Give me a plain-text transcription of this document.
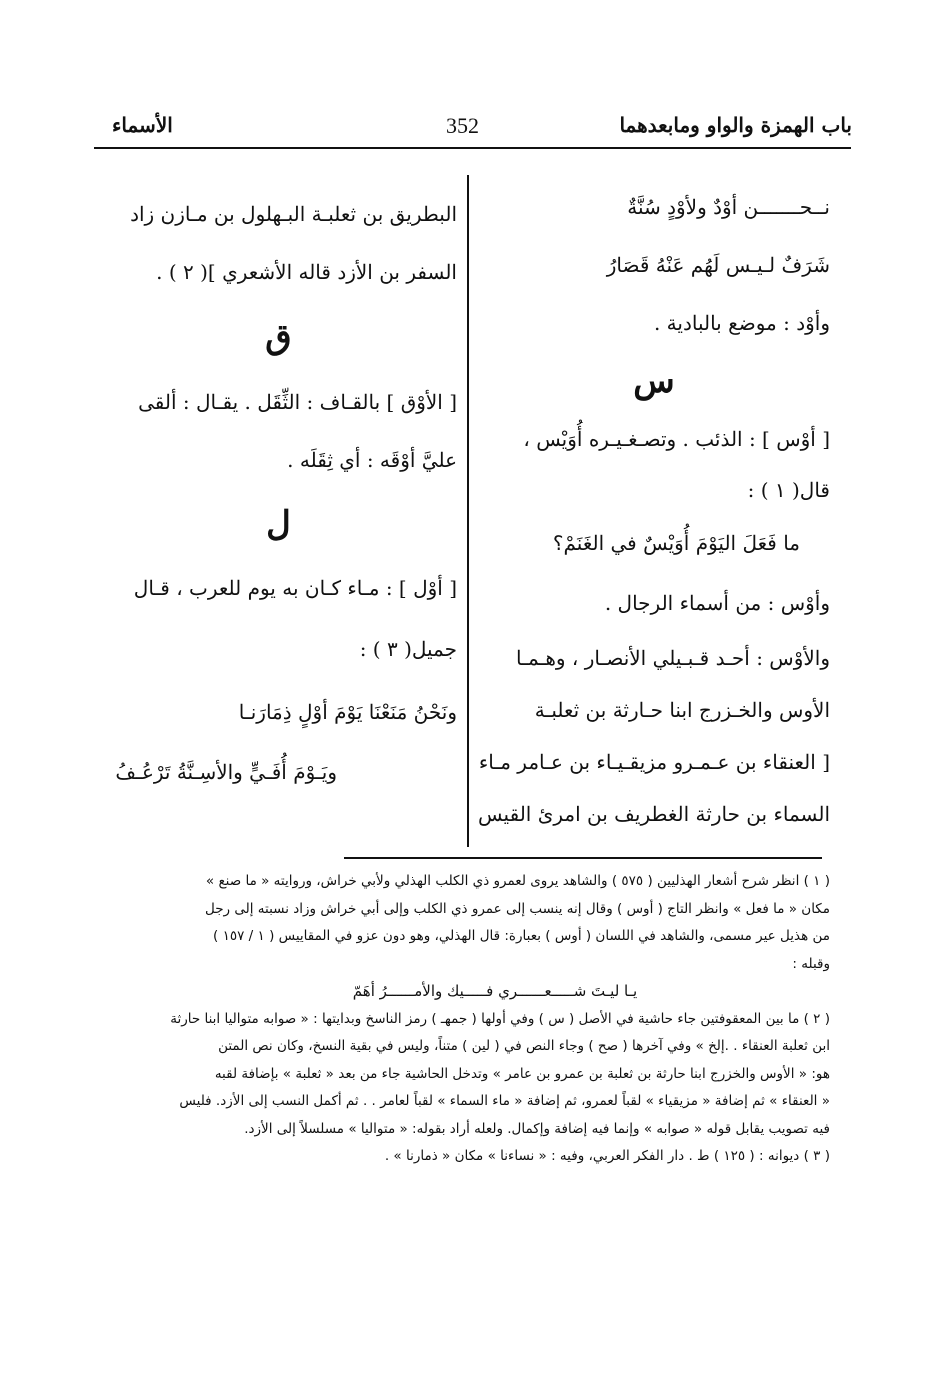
باب الهمزة والواو ومابعدهما
352
الأسماء

نــحـــــــن أوْدٌ ولأوْدٍ سُنَّةٌ

شَرَفٌ لـيـس لَهُم عَنْهُ قَصَارُ

وأوْد : موضع بالبادية .

س

[ أوْس ] : الذئب . وتصـغـيـره أُوَيْس ،

قال( ١ ) :

ما فَعَلَ اليَوْمَ أُوَيْسٌ في الغَنَمْ؟

وأوْس : من أسماء الرجال .

والأوْس : أحـد قـبـيلي الأنصـار ، وهـمـا

الأوس والخـزرج ابنا حـارثة بن ثعلبـة

[ العنقاء بن عـمـرو مزيقـيـاء بن عـامر مـاء

السماء بن حارثة الغطريف بن امرئ القيس

البطريق بن ثعلبـة البـهلول بن مـازن زاد

السفر بن الأزد قاله الأشعري ]( ٢ ) .

ق

[ الأوْق ] بالقـاف : الثِّقَل . يقـال : ألقى

عليَّ أوْقَه : أي ثِقَلَه .

ل

[ أوْل ] : مـاء كـان به يوم للعرب ، قـال

جميل( ٣ ) :

ونَحْنُ مَنَعْنَا يَوْمَ أوْلٍ ذِمَارَنـا

ويَـوْمَ أُفَـيٍّ والأسِـنَّةُ تَرْعُـفُ

( ١ ) انظر شرح أشعار الهذليين ( ٥٧٥ ) والشاهد يروى لعمرو ذي الكلب الهذلي ولأبي خراش، وروايته « ما صنع »

مكان « ما فعل » وانظر التاج ( أوس ) وقال إنه ينسب إلى عمرو ذي الكلب وإلى أبي خراش وزاد نسبته إلى رجل

من هذيل عير مسمى، والشاهد في اللسان ( أوس ) بعبارة: قال الهذلي، وهو دون عزو في المقاييس ( ١ / ١٥٧ )

وقبله :

يـا ليـتَ شـــــعــــــري فـــــيك والأمــــــرُ أهَمّ

( ٢ ) ما بين المعقوفتين جاء حاشية في الأصل ( س ) وفي أولها ( جمهـ ) رمز الناسخ وبدايتها : « صوابه متواليا ابنا حارثة

ابن ثعلبة العنقاء . .إلخ » وفي آخرها ( صح ) وجاء النص في ( لين ) متناً، وليس في بقية النسخ، وكان نص المتن

هو: « الأوس والخزرج ابنا حارثة بن ثعلبة بن عمرو بن عامر » وتدخل الحاشية جاء من بعد « ثعلبة » بإضافة لقبه

« العنقاء » ثم إضافة « مزيقياء » لقباً لعمرو، ثم إضافة « ماء السماء » لقباً لعامر . . ثم أكمل النسب إلى الأزد. فليس

فيه تصويب يقابل قوله « صوابه » وإنما فيه إضافة وإكمال. ولعله أراد بقوله: « متواليا » مسلسلاً إلى الأزد.

( ٣ ) ديوانه : ( ١٢٥ ) ط . دار الفكر العربي، وفيه : « نساءنا » مكان « ذمارنا » .
